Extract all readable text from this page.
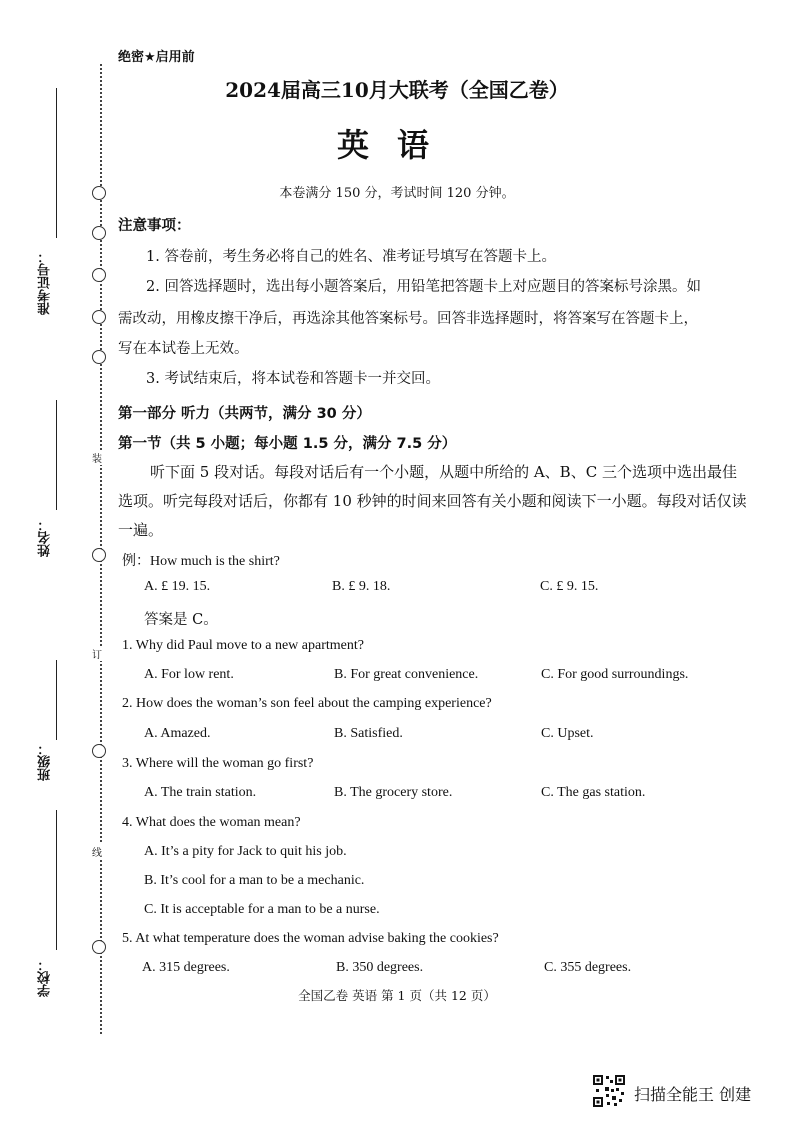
装
订
线
准考证号：
姓名：
班级：
学校：
绝密★启用前
2024届高三10月大联考（全国乙卷）
英语
本卷满分 150 分，考试时间 120 分钟。
注意事项：
1. 答卷前，考生务必将自己的姓名、准考证号填写在答题卡上。
2. 回答选择题时，选出每小题答案后，用铅笔把答题卡上对应题目的答案标号涂黑。如
需改动，用橡皮擦干净后，再选涂其他答案标号。回答非选择题时，将答案写在答题卡上，
写在本试卷上无效。
3. 考试结束后，将本试卷和答题卡一并交回。
第一部分 听力（共两节，满分 30 分）
第一节（共 5 小题；每小题 1.5 分，满分 7.5 分）
听下面 5 段对话。每段对话后有一个小题，从题中所给的 A、B、C 三个选项中选出最佳选项。听完每段对话后，你都有 10 秒钟的时间来回答有关小题和阅读下一小题。每段对话仅读一遍。
例：How much is the shirt?
A. £ 19. 15.	B. £ 9. 18.	C. £ 9. 15.
答案是 C。
1. Why did Paul move to a new apartment?
A. For low rent.	B. For great convenience.	C. For good surroundings.
2. How does the woman’s son feel about the camping experience?
A. Amazed.	B. Satisfied.	C. Upset.
3. Where will the woman go first?
A. The train station.	B. The grocery store.	C. The gas station.
4. What does the woman mean?
A. It’s a pity for Jack to quit his job.
B. It’s cool for a man to be a mechanic.
C. It is acceptable for a man to be a nurse.
5. At what temperature does the woman advise baking the cookies?
A. 315 degrees.	B. 350 degrees.	C. 355 degrees.
全国乙卷 英语 第 1 页（共 12 页）
扫描全能王 创建
